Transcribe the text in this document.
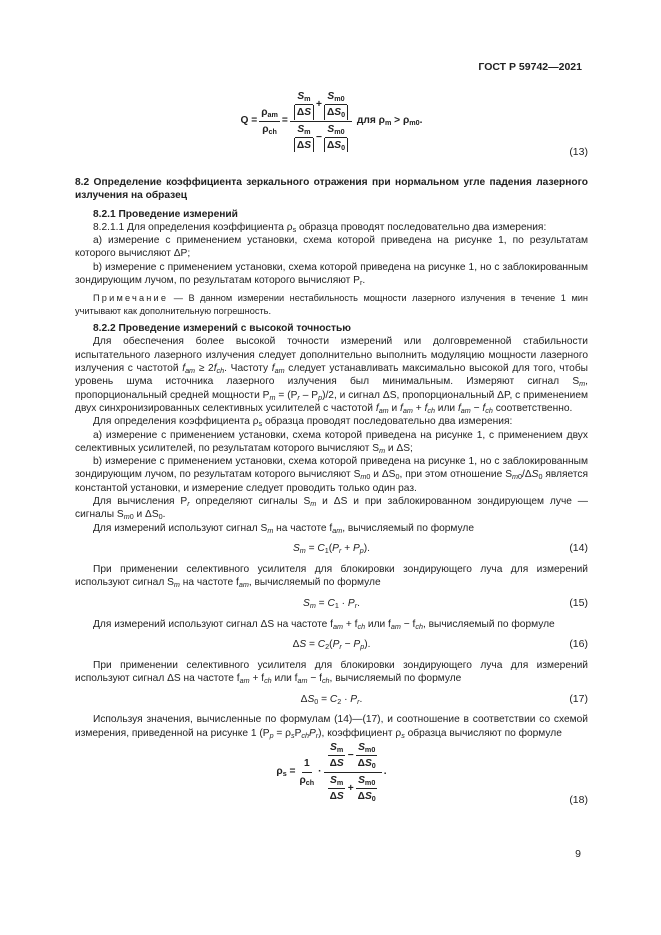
ГОСТ Р 59742—2021
Q =
$\rho_{am}$
$\rho_{ch}$
=
$S_m$
ΔS
+ $\frac{S_{m0}}{\Delta S_0}$
$S_m$
ΔS
− $\frac{S_{m0}}{\Delta S_0}$
для $\rho_m > \rho_{m0}$.
(13)

8.2 Определение коэффициента зеркального отражения при нормальном угле падения лазерного излучения на образец

8.2.1 Проведение измерений

8.2.1.1 Для определения коэффициента $\rho_s$ образца проводят последовательно два измерения:

а) измерение с применением установки, схема которой приведена на рисунке 1, по результатам которого вычисляют ΔP;

b) измерение с применением установки, схема которой приведена на рисунке 1, но с заблокированным зондирующим лучом, по результатам которого вычисляют $P_r$.

Примечание — В данном измерении нестабильность мощности лазерного излучения в течение 1 мин учитывают как дополнительную погрешность.

8.2.2 Проведение измерений с высокой точностью

Для обеспечения более высокой точности измерений или долговременной стабильности испытательного лазерного излучения следует дополнительно выполнить модуляцию мощности лазерного излучения с частотой $f_{am} \ge 2f_{ch}$. Частоту $f_{am}$ следует устанавливать максимально высокой для того, чтобы уровень шума источника лазерного излучения был минимальным. Измеряют сигнал $S_m$, пропорциональный средней мощности $P_m = (P_r - P_p)/2$, и сигнал ΔS, пропорциональный ΔP, с применением двух синхронизированных селективных усилителей с частотой $f_{am}$ и $f_{am} + f_{ch}$ или $f_{am} - f_{ch}$ соответственно.

Для определения коэффициента $\rho_s$ образца проводят последовательно два измерения:

а) измерение с применением установки, схема которой приведена на рисунке 1, с применением двух селективных усилителей, по результатам которого вычисляют $S_m$ и ΔS;

b) измерение с применением установки, схема которой приведена на рисунке 1, но с заблокированным зондирующим лучом, по результатам которого вычисляют $S_{m0}$ и $\Delta S_0$, при этом отношение $S_{m0}/\Delta S_0$ является константой установки, и измерение следует проводить только один раз.

Для вычисления $P_r$ определяют сигналы $S_m$ и ΔS и при заблокированном зондирующем луче — сигналы $S_{m0}$ и $\Delta S_0$.

Для измерений используют сигнал $S_m$ на частоте $f_{am}$, вычисляемый по формуле

$S_m = C_1(P_r + P_p)$.	(14)

При применении селективного усилителя для блокировки зондирующего луча для измерений используют сигнал $S_m$ на частоте $f_{am}$, вычисляемый по формуле

$S_m = C_1 \cdot P_r$.	(15)

Для измерений используют сигнал ΔS на частоте $f_{am} + f_{ch}$ или $f_{am} - f_{ch}$, вычисляемый по формуле

$\Delta S = C_2(P_r - P_p)$.	(16)

При применении селективного усилителя для блокировки зондирующего луча для измерений используют сигнал ΔS на частоте $f_{am} + f_{ch}$ или $f_{am} - f_{ch}$, вычисляемый по формуле

$\Delta S_0 = C_2 \cdot P_r$.	(17)

Используя значения, вычисленные по формулам (14)—(17), и соотношение в соответствии со схемой измерения, приведенной на рисунке 1 $(P_p = \rho_sP_{ch}P_r)$, коэффициент $\rho_s$ образца вычисляют по формуле

$\rho_s$ =
1
$\rho_{ch}$
·
$S_m$
ΔS
− $\frac{S_{m0}}{\Delta S_0}$
$S_m$
ΔS
+ $\frac{S_{m0}}{\Delta S_0}$
.
(18)
9
